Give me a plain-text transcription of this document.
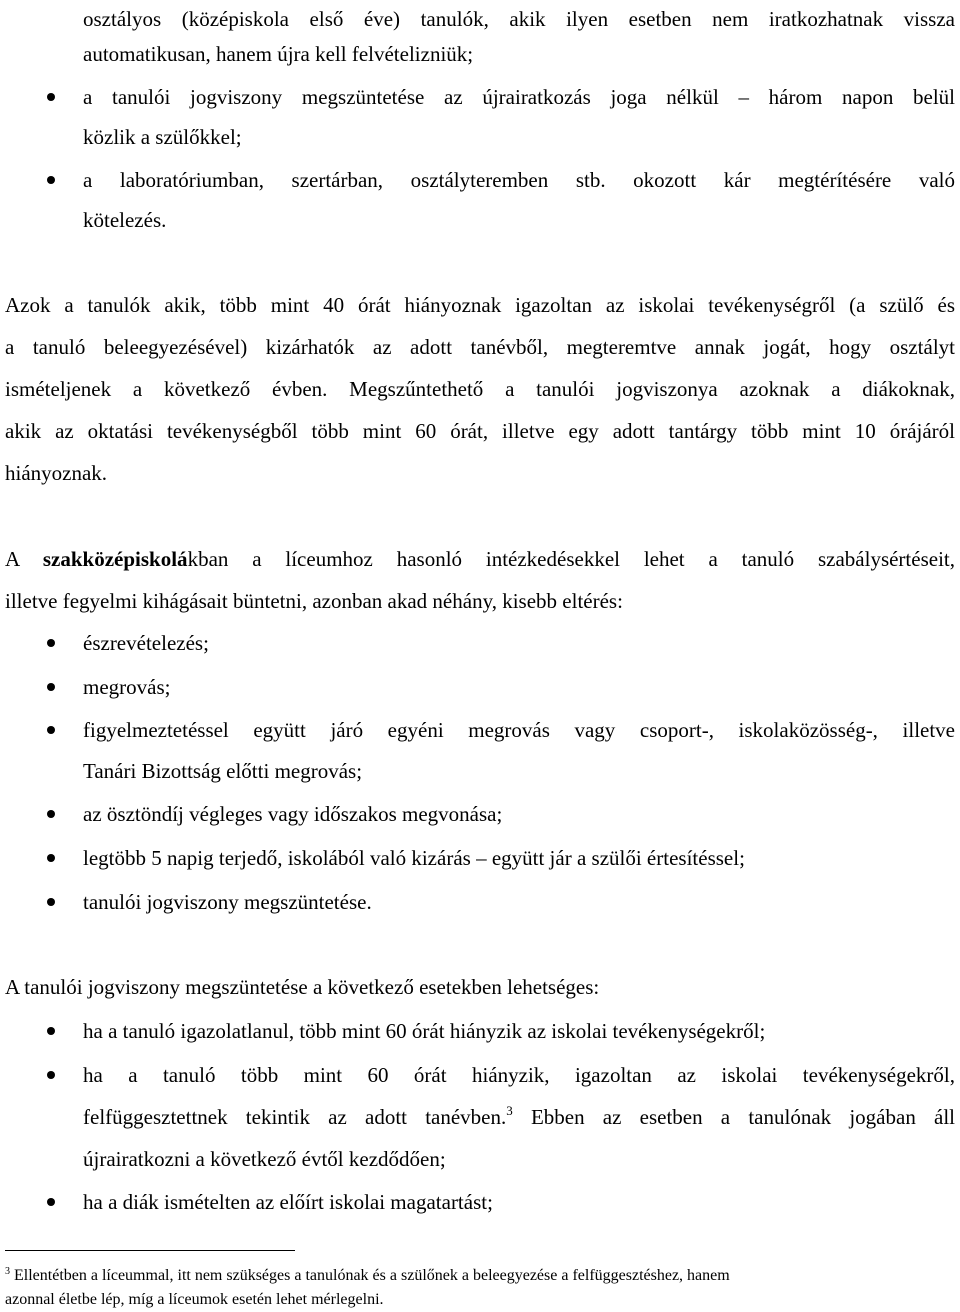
osztályos (középiskola első éve) tanulók, akik ilyen esetben nem iratkozhatnak vissza
automatikusan, hanem újra kell felvételizniük;
a tanulói jogviszony megszüntetése az újrairatkozás joga nélkül – három napon belül
közlik a szülőkkel;
a laboratóriumban, szertárban, osztályteremben stb. okozott kár megtérítésére való
kötelezés.
Azok a tanulók akik, több mint 40 órát hiányoznak igazoltan az iskolai tevékenységről (a szülő és
a tanuló beleegyezésével) kizárhatók az adott tanévből, megteremtve annak jogát, hogy osztályt
ismételjenek a következő évben. Megszűntethető a tanulói jogviszonya azoknak a diákoknak,
akik az oktatási tevékenységből több mint 60 órát, illetve egy adott tantárgy több mint 10 órájáról
hiányoznak.
A szakközépiskolákban a líceumhoz hasonló intézkedésekkel lehet a tanuló szabálysértéseit,
illetve fegyelmi kihágásait büntetni, azonban akad néhány, kisebb eltérés:
észrevételezés;
megrovás;
figyelmeztetéssel együtt járó egyéni megrovás vagy csoport-, iskolaközösség-, illetve
Tanári Bizottság előtti megrovás;
az ösztöndíj végleges vagy időszakos megvonása;
legtöbb 5 napig terjedő, iskolából való kizárás – együtt jár a szülői értesítéssel;
tanulói jogviszony megszüntetése.
A tanulói jogviszony megszüntetése a következő esetekben lehetséges:
ha a tanuló igazolatlanul, több mint 60 órát hiányzik az iskolai tevékenységekről;
ha a tanuló több mint 60 órát hiányzik, igazoltan az iskolai tevékenységekről,
felfüggesztettnek tekintik az adott tanévben.$^3$ Ebben az esetben a tanulónak jogában áll
újrairatkozni a következő évtől kezdődően;
ha a diák ismételten az előírt iskolai magatartást;
$^3$ Ellentétben a líceummal, itt nem szükséges a tanulónak és a szülőnek a beleegyezése a felfüggesztéshez, hanem
azonnal életbe lép, míg a líceumok esetén lehet mérlegelni.
